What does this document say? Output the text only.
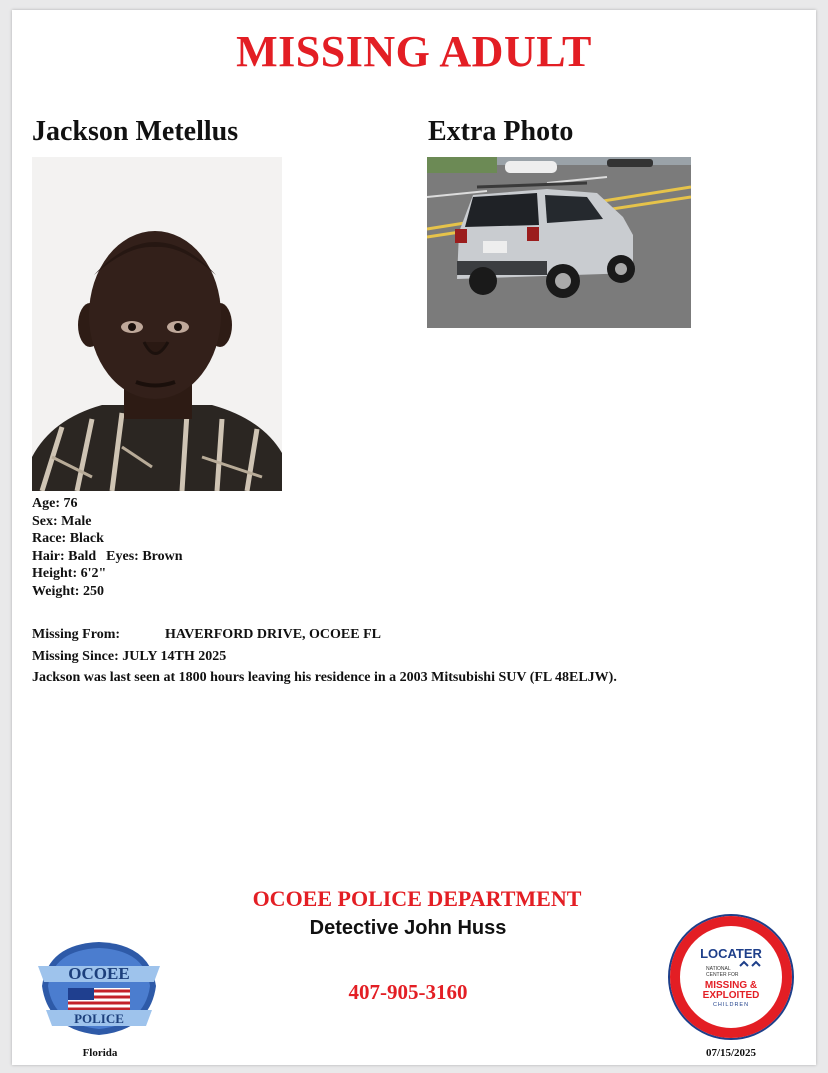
MISSING ADULT
Jackson Metellus	Extra Photo
Age: 76
Sex: Male
Race: Black
Hair: Bald Eyes: Brown
Height: 6'2"
Weight: 250
Missing From:	HAVERFORD DRIVE, OCOEE FL
Missing Since: JULY 14TH 2025
Jackson was last seen at 1800 hours leaving his residence in a 2003 Mitsubishi SUV (FL 48ELJW).
OCOEE POLICE DEPARTMENT
Detective John Huss
407-905-3160
OCOEE
POLICE
Florida
Lost Child Alert Technology Resource
LOCATER
NATIONAL
CENTER FOR
MISSING &
EXPLOITED
CHILDREN
07/15/2025
